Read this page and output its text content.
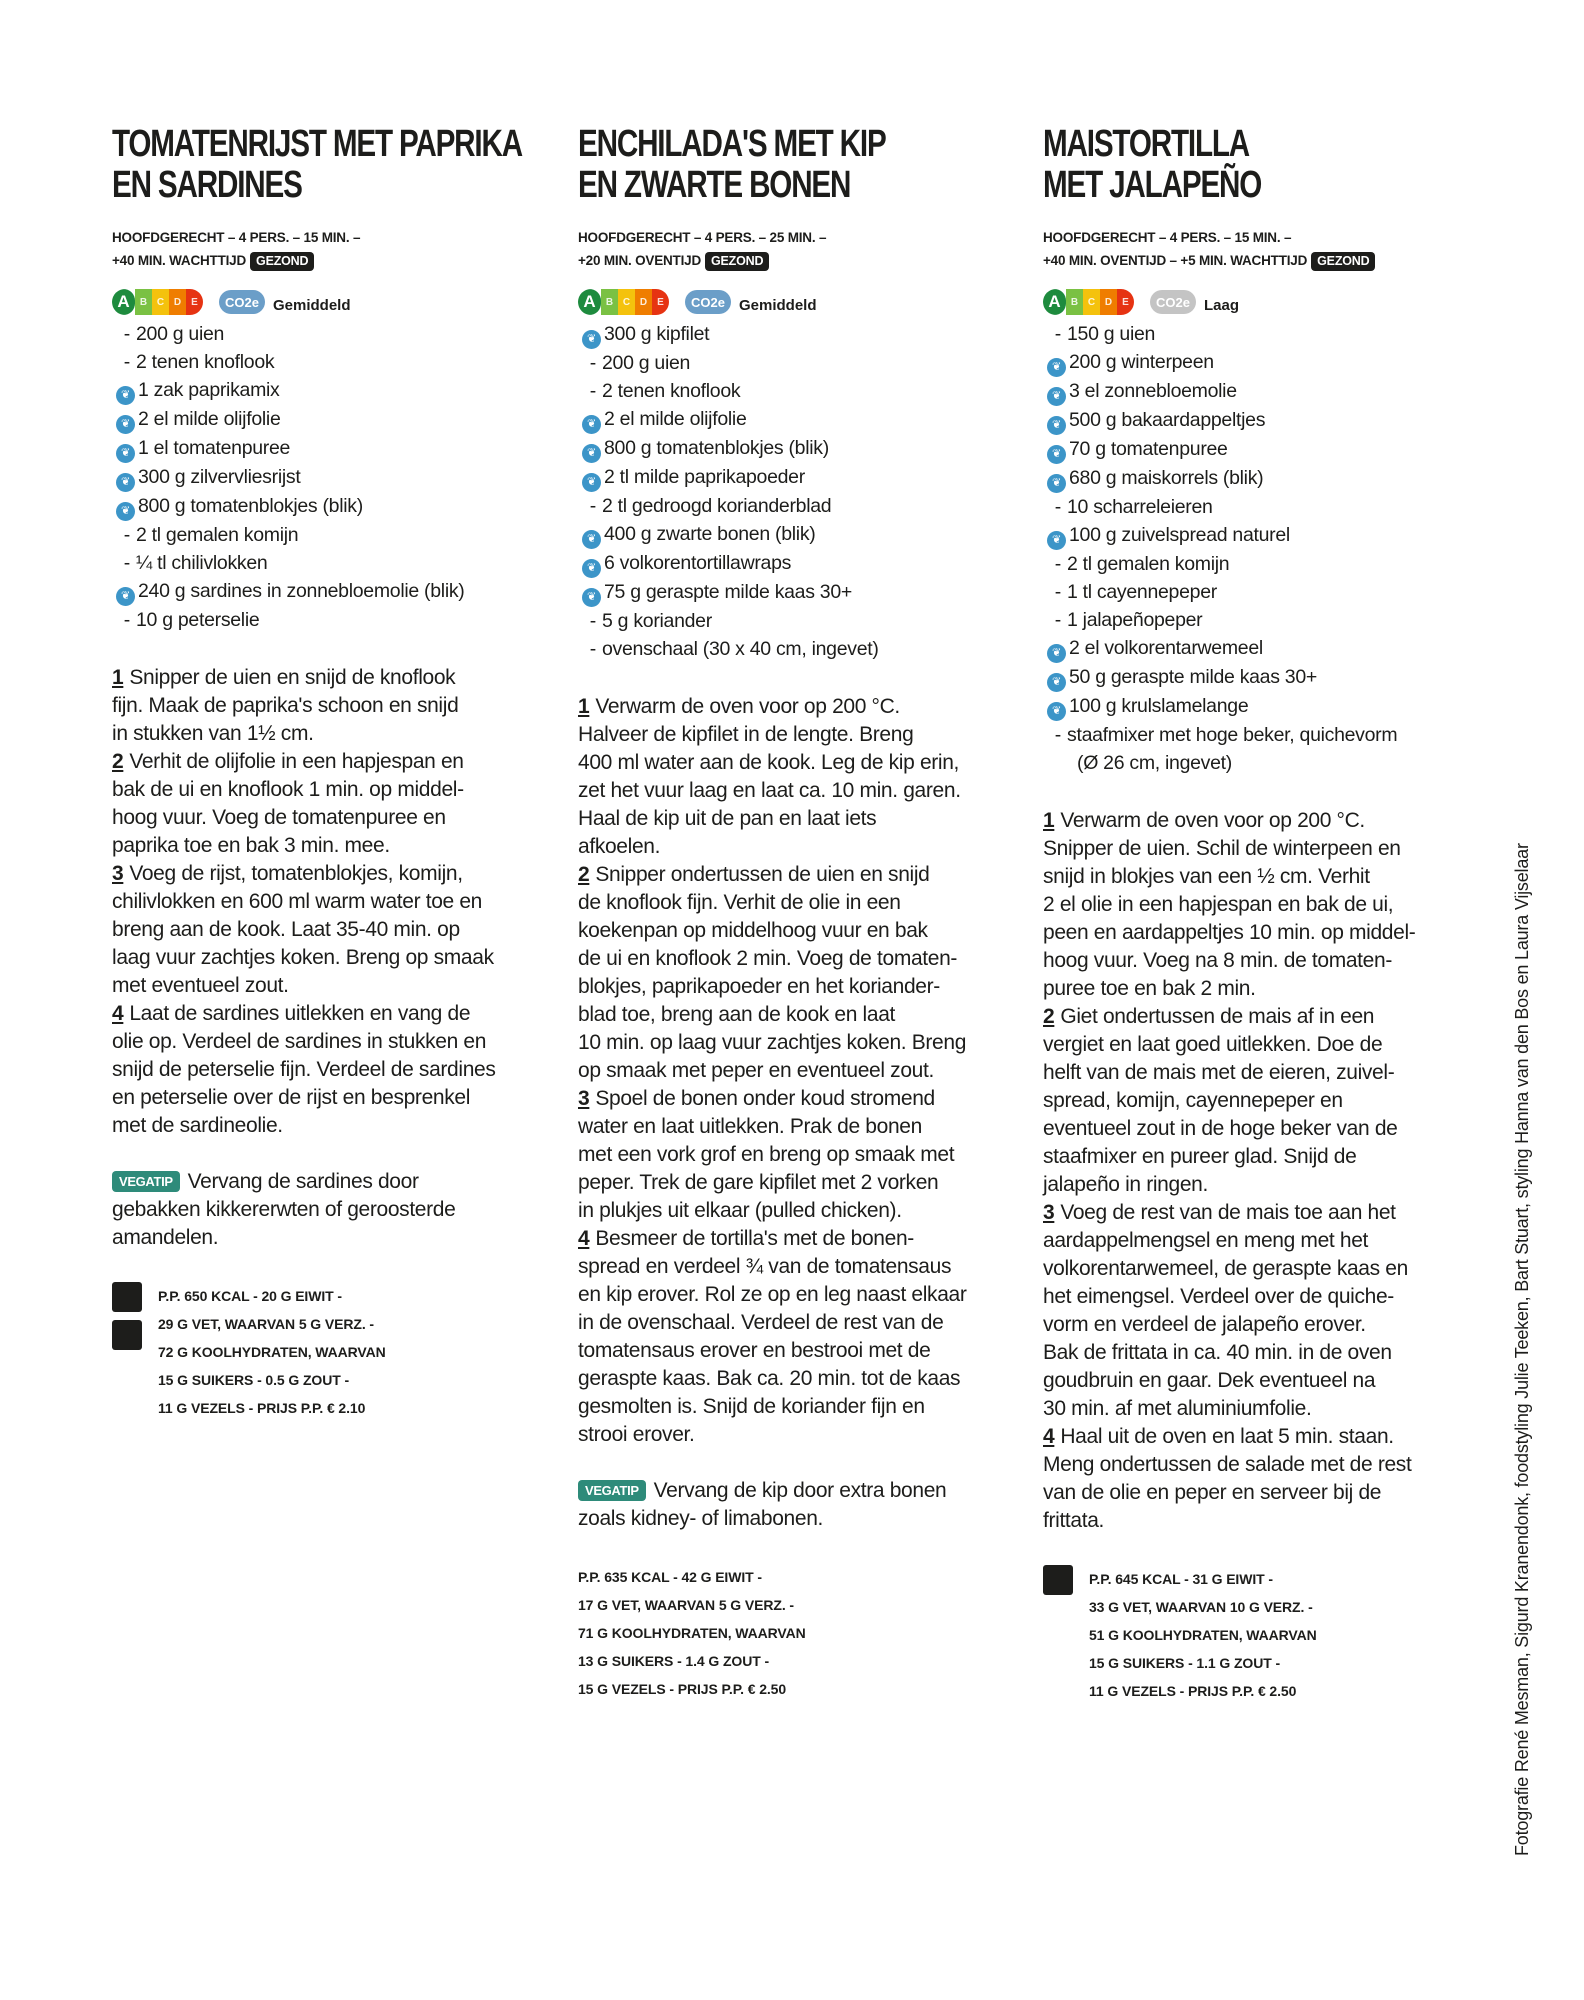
TOMATENRIJST MET PAPRIKA
EN SARDINES
HOOFDGERECHT – 4 PERS. – 15 MIN. –
+40 MIN. WACHTTIJD GEZOND
A	B C D	E	CO2e Gemiddeld
- 200 g uien
- 2 tenen knoflook
❦ 1 zak paprikamix
❦ 2 el milde olijfolie
❦ 1 el tomatenpuree
❦ 300 g zilvervliesrijst
❦ 800 g tomatenblokjes (blik)
- 2 tl gemalen komijn
- ¼ tl chilivlokken
❦ 240 g sardines in zonnebloemolie (blik)
- 10 g peterselie
1 Snipper de uien en snijd de knoflook
fijn. Maak de paprika's schoon en snijd
in stukken van 1½ cm.
2 Verhit de olijfolie in een hapjespan en
bak de ui en knoflook 1 min. op middel-
hoog vuur. Voeg de tomatenpuree en
paprika toe en bak 3 min. mee.
3 Voeg de rijst, tomatenblokjes, komijn,
chilivlokken en 600 ml warm water toe en
breng aan de kook. Laat 35-40 min. op
laag vuur zachtjes koken. Breng op smaak
met eventueel zout.
4 Laat de sardines uitlekken en vang de
olie op. Verdeel de sardines in stukken en
snijd de peterselie fijn. Verdeel de sardines
en peterselie over de rijst en besprenkel
met de sardineolie.
VEGATIP Vervang de sardines door
gebakken kikkererwten of geroosterde
amandelen.
P.P. 650 KCAL - 20 G EIWIT -
29 G VET, WAARVAN 5 G VERZ. -
72 G KOOLHYDRATEN, WAARVAN
15 G SUIKERS - 0.5 G ZOUT -
11 G VEZELS - PRIJS P.P. € 2.10
ENCHILADA'S MET KIP
EN ZWARTE BONEN
HOOFDGERECHT – 4 PERS. – 25 MIN. –
+20 MIN. OVENTIJD GEZOND
A	B C D	E	CO2e Gemiddeld
❦ 300 g kipfilet
- 200 g uien
- 2 tenen knoflook
❦ 2 el milde olijfolie
❦ 800 g tomatenblokjes (blik)
❦ 2 tl milde paprikapoeder
- 2 tl gedroogd korianderblad
❦ 400 g zwarte bonen (blik)
❦ 6 volkorentortillawraps
❦ 75 g geraspte milde kaas 30+
- 5 g koriander
- ovenschaal (30 x 40 cm, ingevet)
1 Verwarm de oven voor op 200 °C.
Halveer de kipfilet in de lengte. Breng
400 ml water aan de kook. Leg de kip erin,
zet het vuur laag en laat ca. 10 min. garen.
Haal de kip uit de pan en laat iets
afkoelen.
2 Snipper ondertussen de uien en snijd
de knoflook fijn. Verhit de olie in een
koekenpan op middelhoog vuur en bak
de ui en knoflook 2 min. Voeg de tomaten-
blokjes, paprikapoeder en het koriander-
blad toe, breng aan de kook en laat
10 min. op laag vuur zachtjes koken. Breng
op smaak met peper en eventueel zout.
3 Spoel de bonen onder koud stromend
water en laat uitlekken. Prak de bonen
met een vork grof en breng op smaak met
peper. Trek de gare kipfilet met 2 vorken
in plukjes uit elkaar (pulled chicken).
4 Besmeer de tortilla's met de bonen-
spread en verdeel ¾ van de tomatensaus
en kip erover. Rol ze op en leg naast elkaar
in de ovenschaal. Verdeel de rest van de
tomatensaus erover en bestrooi met de
geraspte kaas. Bak ca. 20 min. tot de kaas
gesmolten is. Snijd de koriander fijn en
strooi erover.
VEGATIP Vervang de kip door extra bonen
zoals kidney- of limabonen.
P.P. 635 KCAL - 42 G EIWIT -
17 G VET, WAARVAN 5 G VERZ. -
71 G KOOLHYDRATEN, WAARVAN
13 G SUIKERS - 1.4 G ZOUT -
15 G VEZELS - PRIJS P.P. € 2.50
MAISTORTILLA
MET JALAPEÑO
HOOFDGERECHT – 4 PERS. – 15 MIN. –
+40 MIN. OVENTIJD – +5 MIN. WACHTTIJD GEZOND
A	B C D	E	CO2e Laag
- 150 g uien
❦ 200 g winterpeen
❦ 3 el zonnebloemolie
❦ 500 g bakaardappeltjes
❦ 70 g tomatenpuree
❦ 680 g maiskorrels (blik)
- 10 scharreleieren
❦ 100 g zuivelspread naturel
- 2 tl gemalen komijn
- 1 tl cayennepeper
- 1 jalapeñopeper
❦ 2 el volkorentarwemeel
❦ 50 g geraspte milde kaas 30+
❦ 100 g krulslamelange
- staafmixer met hoge beker, quichevorm
(Ø 26 cm, ingevet)
1 Verwarm de oven voor op 200 °C.
Snipper de uien. Schil de winterpeen en
snijd in blokjes van een ½ cm. Verhit
2 el olie in een hapjespan en bak de ui,
peen en aardappeltjes 10 min. op middel-
hoog vuur. Voeg na 8 min. de tomaten-
puree toe en bak 2 min.
2 Giet ondertussen de mais af in een
vergiet en laat goed uitlekken. Doe de
helft van de mais met de eieren, zuivel-
spread, komijn, cayennepeper en
eventueel zout in de hoge beker van de
staafmixer en pureer glad. Snijd de
jalapeño in ringen.
3 Voeg de rest van de mais toe aan het
aardappelmengsel en meng met het
volkorentarwemeel, de geraspte kaas en
het eimengsel. Verdeel over de quiche-
vorm en verdeel de jalapeño erover.
Bak de frittata in ca. 40 min. in de oven
goudbruin en gaar. Dek eventueel na
30 min. af met aluminiumfolie.
4 Haal uit de oven en laat 5 min. staan.
Meng ondertussen de salade met de rest
van de olie en peper en serveer bij de
frittata.
P.P. 645 KCAL - 31 G EIWIT -
33 G VET, WAARVAN 10 G VERZ. -
51 G KOOLHYDRATEN, WAARVAN
15 G SUIKERS - 1.1 G ZOUT -
11 G VEZELS - PRIJS P.P. € 2.50	Fotografie René Mesman, Sigurd Kranendonk, foodstyling Julie Teeken, Bart Stuart, styling Hanna van den Bos en Laura Vijselaar
